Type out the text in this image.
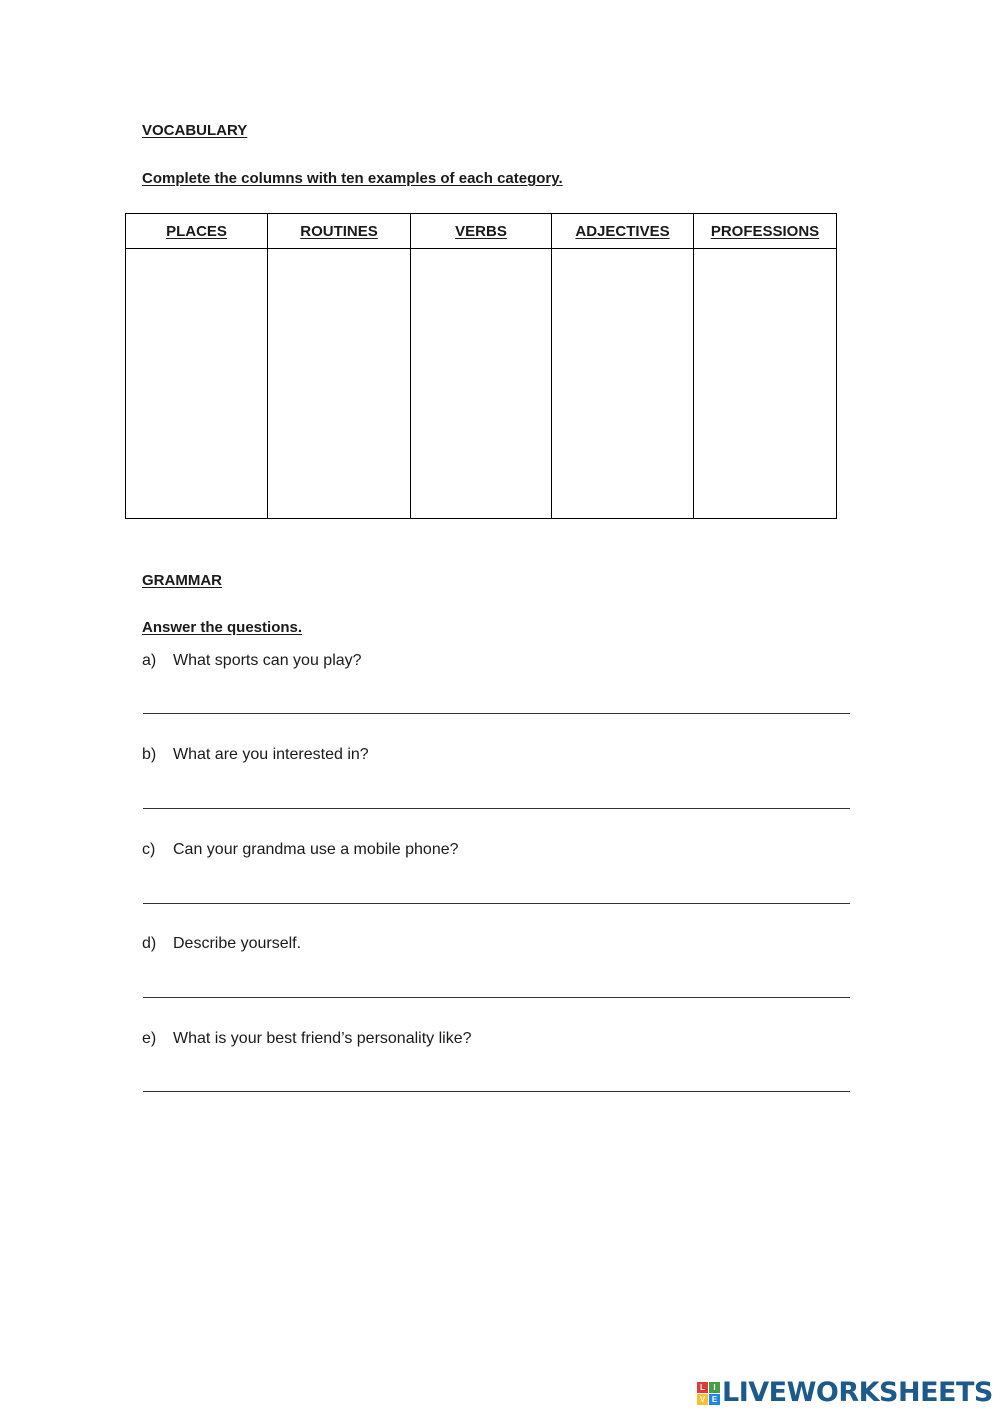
VOCABULARY
Complete the columns with ten examples of each category.
PLACES	ROUTINES	VERBS	ADJECTIVES	PROFESSIONS

GRAMMAR
Answer the questions.
a) What sports can you play?
b) What are you interested in?
c) Can your grandma use a mobile phone?
d) Describe yourself.
e) What is your best friend’s personality like?
L	I
V E LIVEWORKSHEETS
